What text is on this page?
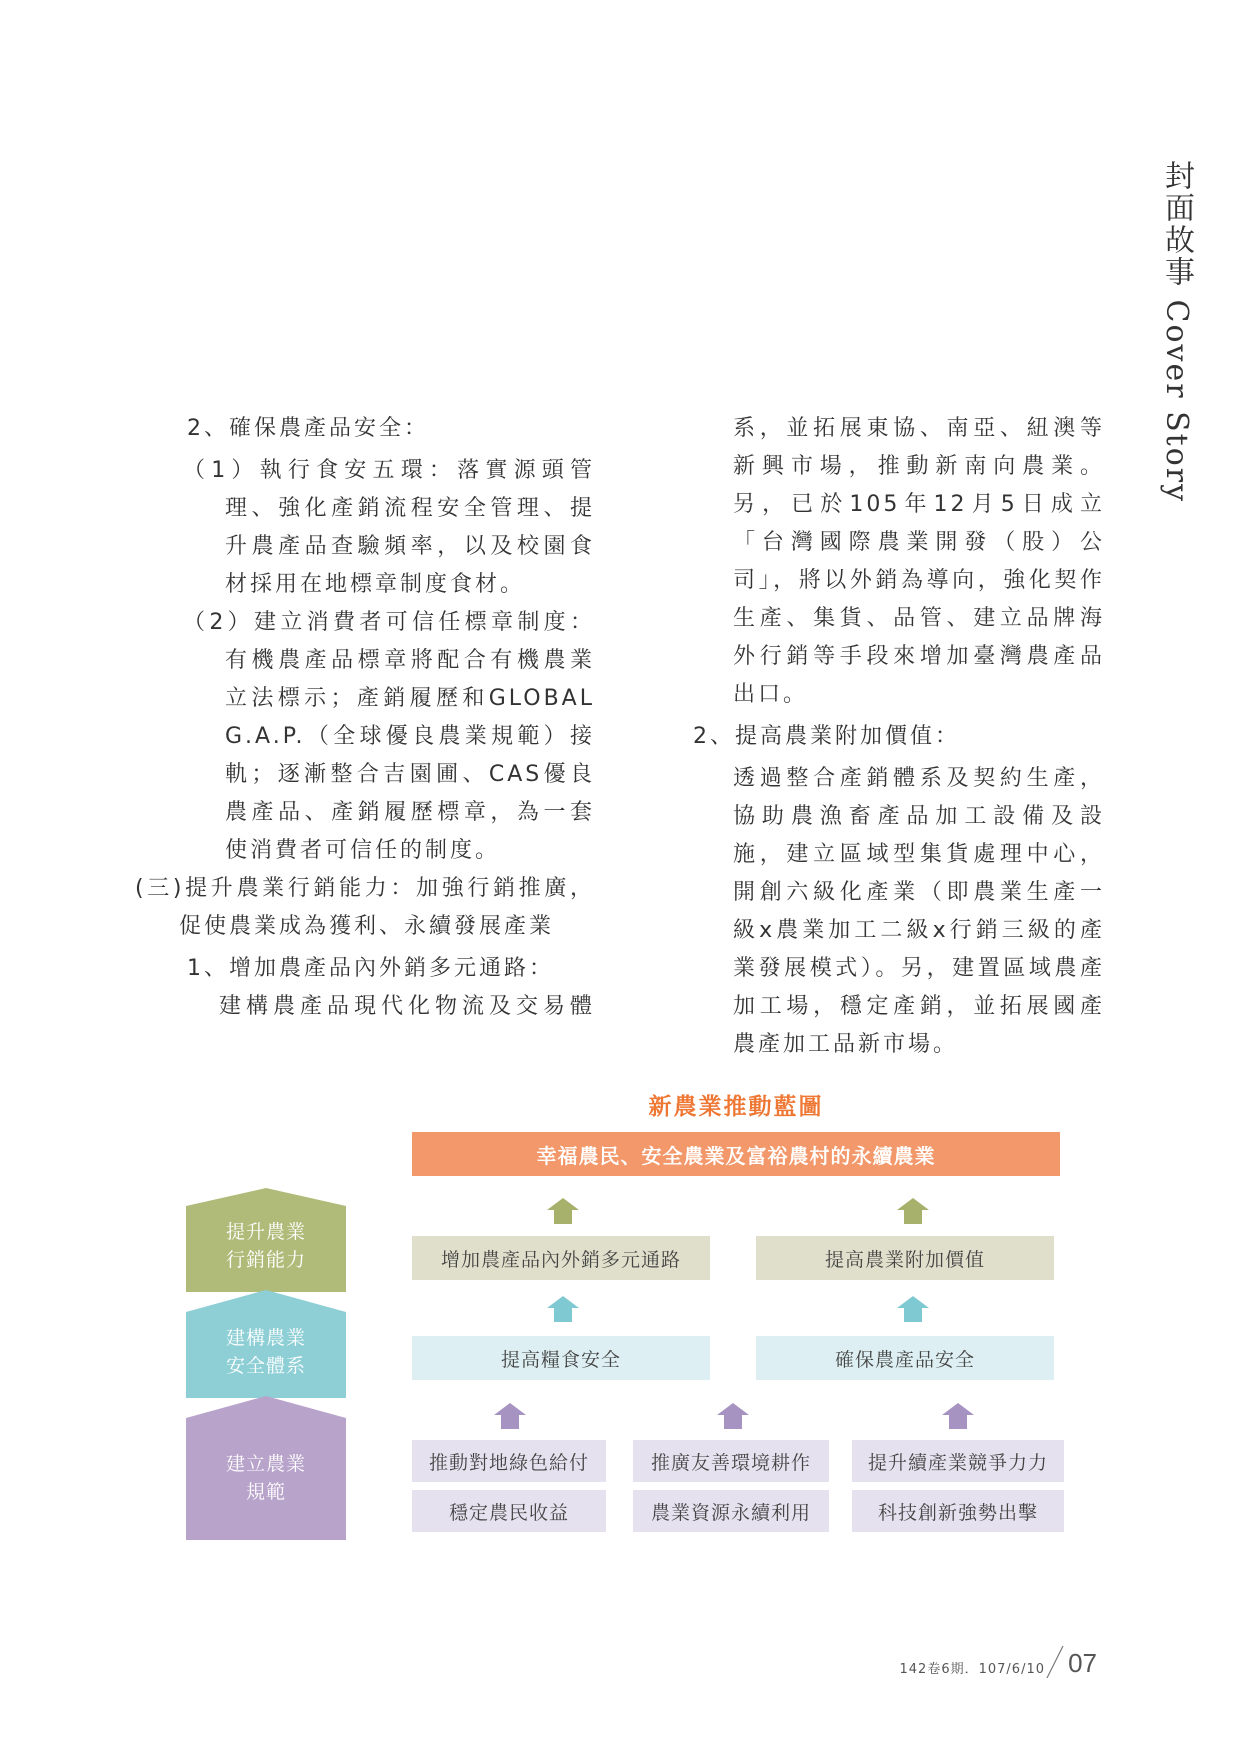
封面故事 Cover Story

2、確保農產品安全：

（1）執行食安五環：落實源頭管理、強化產銷流程安全管理、提升農產品查驗頻率，以及校園食材採用在地標章制度食材。

（2）建立消費者可信任標章制度：有機農產品標章將配合有機農業立法標示；產銷履歷和GLOBAL G.A.P.（全球優良農業規範）接軌；逐漸整合吉園圃、CAS優良農產品、產銷履歷標章，為一套使消費者可信任的制度。

(三)提升農業行銷能力：加強行銷推廣，促使農業成為獲利、永續發展產業

1、增加農產品內外銷多元通路：

建構農產品現代化物流及交易體

系，並拓展東協、南亞、紐澳等新興市場，推動新南向農業。另，已於105年12月5日成立「台灣國際農業開發（股）公司」，將以外銷為導向，強化契作生產、集貨、品管、建立品牌海外行銷等手段來增加臺灣農產品出口。

2、提高農業附加價值：

透過整合產銷體系及契約生產，協助農漁畜產品加工設備及設施，建立區域型集貨處理中心，開創六級化產業（即農業生產一級x農業加工二級x行銷三級的產業發展模式）。另，建置區域農產加工場，穩定產銷，並拓展國產農產加工品新市場。

新農業推動藍圖
幸福農民、安全農業及富裕農村的永續農業
提升農業
行銷能力
建構農業
安全體系
建立農業
規範
增加農產品內外銷多元通路	提高農業附加價值
提高糧食安全	確保農產品安全
推動對地綠色給付
穩定農民收益
推廣友善環境耕作
農業資源永續利用
提升續產業競爭力力
科技創新強勢出擊
142卷6期．107/6/10 07
